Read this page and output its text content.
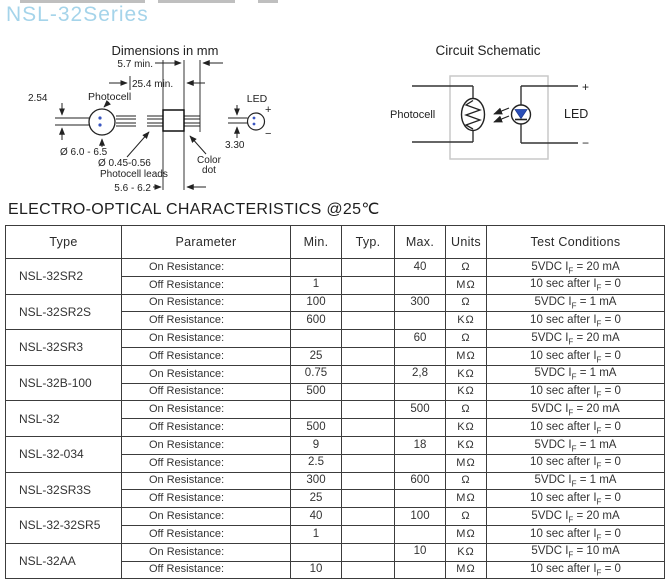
NSL-32Series
Dimensions in mm
5.7 min.
25.4 min.
Photocell
2.54
Ø 6.0 - 6.5
Ø 0.45-0.56
Photocell leads
Color
dot
5.6 - 6.2
LED
+
−
3.30
Circuit Schematic
Photocell	LED
+
−
ELECTRO-OPTICAL CHARACTERISTICS @25℃
Type	Parameter	Min.	Typ.	Max.	Units	Test Conditions
NSL-32SR2	On Resistance:			40	Ω	5VDC $I_F = 20$ mA
	Off Resistance:	1			MΩ	10 sec after $I_F = 0$
NSL-32SR2S	On Resistance:	100		300	Ω	5VDC $I_F = 1$ mA
	Off Resistance:	600			KΩ	10 sec after $I_F = 0$
NSL-32SR3	On Resistance:			60	Ω	5VDC $I_F = 20$ mA
	Off Resistance:	25			MΩ	10 sec after $I_F = 0$
NSL-32B-100	On Resistance:	0.75		2,8	KΩ	5VDC $I_F = 1$ mA
	Off Resistance:	500			KΩ	10 sec after $I_F = 0$
NSL-32	On Resistance:			500	Ω	5VDC $I_F = 20$ mA
	Off Resistance:	500			KΩ	10 sec after $I_F = 0$
NSL-32-034	On Resistance:	9		18	KΩ	5VDC $I_F = 1$ mA
	Off Resistance:	2.5			MΩ	10 sec after $I_F = 0$
NSL-32SR3S	On Resistance:	300		600	Ω	5VDC $I_F = 1$ mA
	Off Resistance:	25			MΩ	10 sec after $I_F = 0$
NSL-32-32SR5	On Resistance:	40		100	Ω	5VDC $I_F = 20$ mA
	Off Resistance:	1			MΩ	10 sec after $I_F = 0$
NSL-32AA	On Resistance:			10	KΩ	5VDC $I_F = 10$ mA
	Off Resistance:	10			MΩ	10 sec after $I_F = 0$
